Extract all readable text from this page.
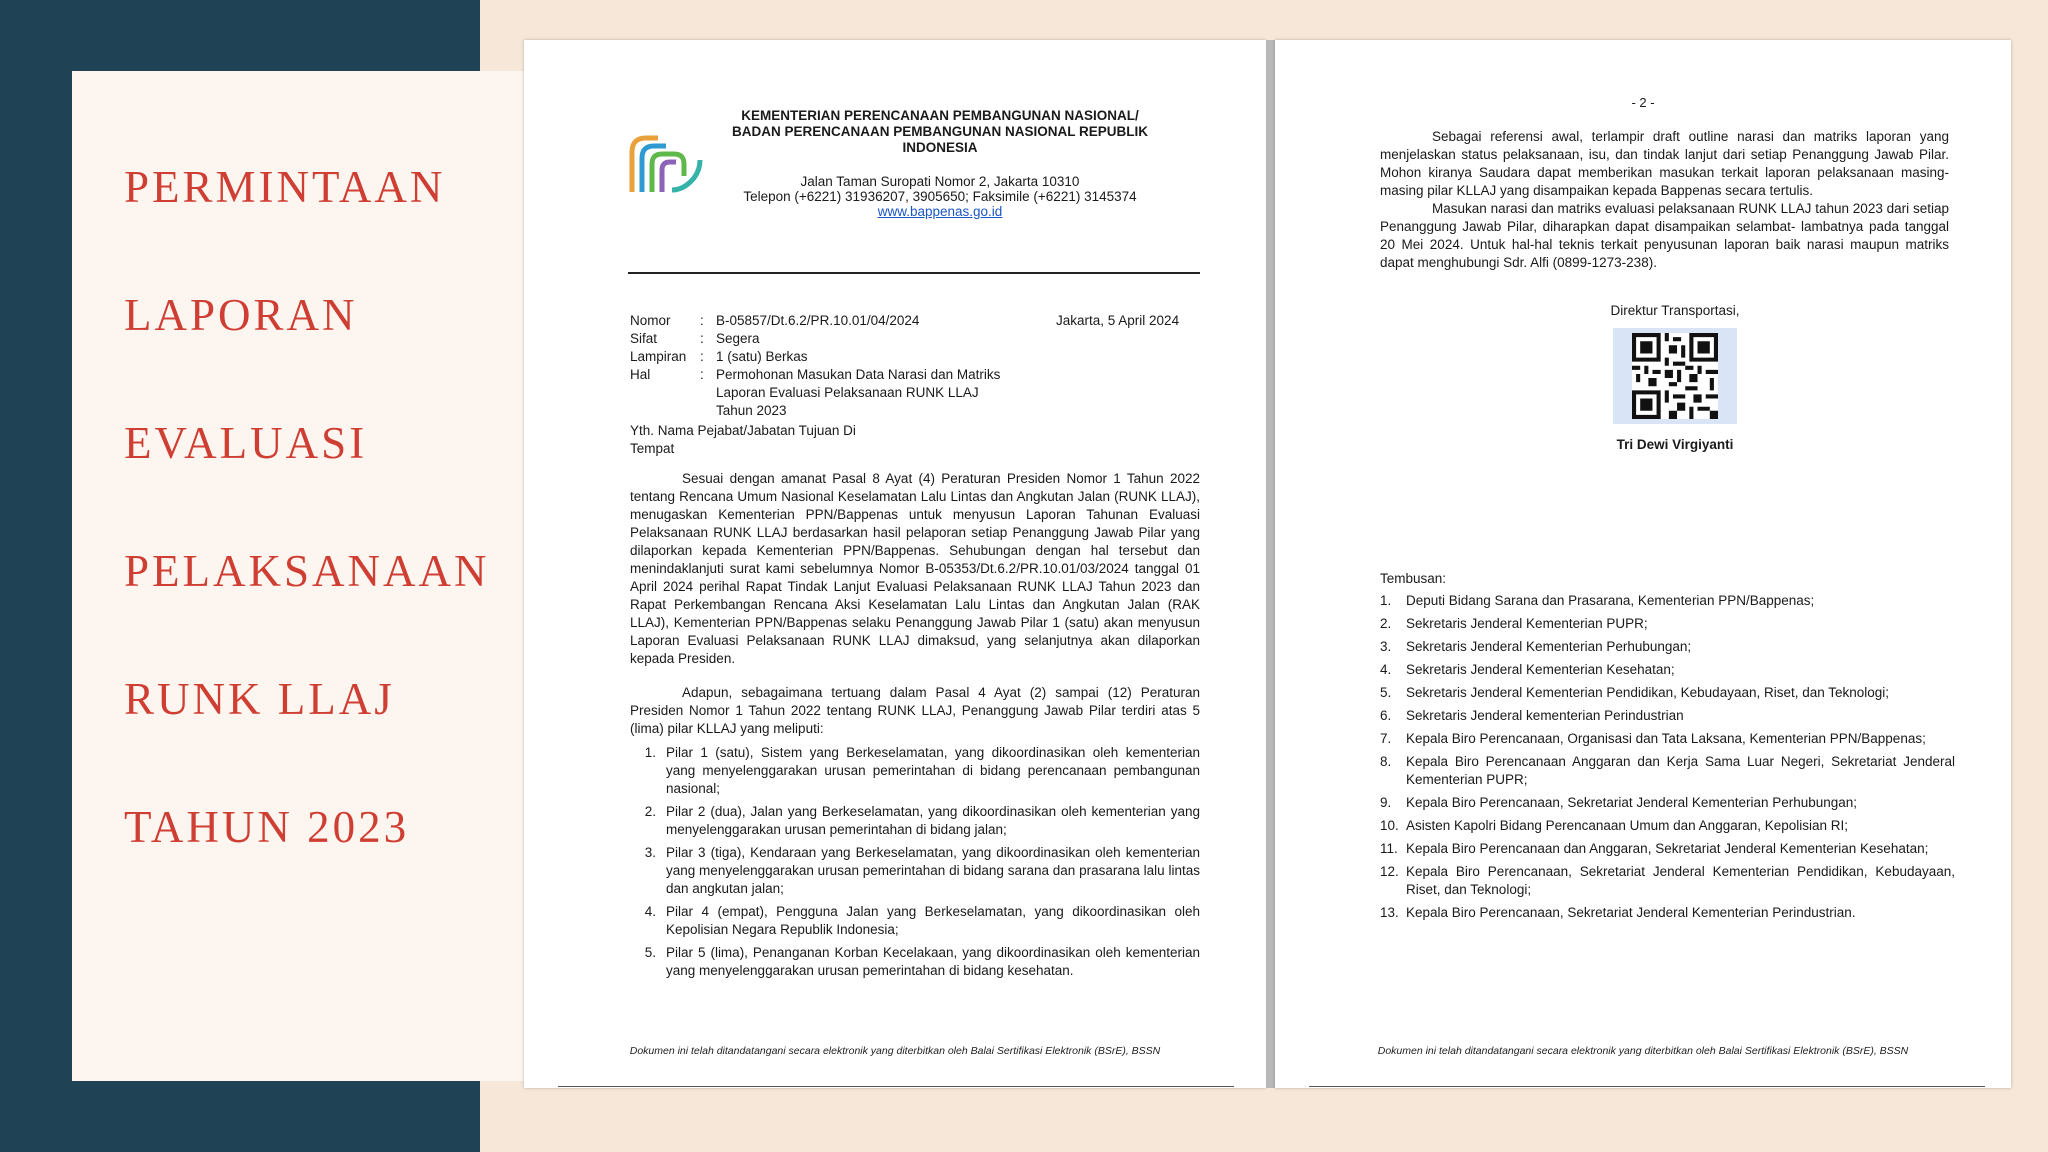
PERMINTAAN
LAPORAN
EVALUASI
PELAKSANAAN
RUNK LLAJ
TAHUN 2023
KEMENTERIAN PERENCANAAN PEMBANGUNAN NASIONAL/
BADAN PERENCANAAN PEMBANGUNAN NASIONAL REPUBLIK
INDONESIA
Jalan Taman Suropati Nomor 2, Jakarta 10310
Telepon (+6221) 31936207, 3905650; Faksimile (+6221) 3145374
www.bappenas.go.id
Jakarta, 5 April 2024
Nomor	: B-05857/Dt.6.2/PR.10.01/04/2024
Sifat	: Segera
Lampiran	: 1 (satu) Berkas
Hal	: Permohonan Masukan Data Narasi dan Matriks Laporan Evaluasi Pelaksanaan RUNK LLAJ Tahun 2023
Yth. Nama Pejabat/Jabatan Tujuan Di
Tempat

Sesuai dengan amanat Pasal 8 Ayat (4) Peraturan Presiden Nomor 1 Tahun 2022 tentang Rencana Umum Nasional Keselamatan Lalu Lintas dan Angkutan Jalan (RUNK LLAJ), menugaskan Kementerian PPN/Bappenas untuk menyusun Laporan Tahunan Evaluasi Pelaksanaan RUNK LLAJ berdasarkan hasil pelaporan setiap Penanggung Jawab Pilar yang dilaporkan kepada Kementerian PPN/Bappenas. Sehubungan dengan hal tersebut dan menindaklanjuti surat kami sebelumnya Nomor B-05353/Dt.6.2/PR.10.01/03/2024 tanggal 01 April 2024 perihal Rapat Tindak Lanjut Evaluasi Pelaksanaan RUNK LLAJ Tahun 2023 dan Rapat Perkembangan Rencana Aksi Keselamatan Lalu Lintas dan Angkutan Jalan (RAK LLAJ), Kementerian PPN/Bappenas selaku Penanggung Jawab Pilar 1 (satu) akan menyusun Laporan Evaluasi Pelaksanaan RUNK LLAJ dimaksud, yang selanjutnya akan dilaporkan kepada Presiden.

Adapun, sebagaimana tertuang dalam Pasal 4 Ayat (2) sampai (12) Peraturan Presiden Nomor 1 Tahun 2022 tentang RUNK LLAJ, Penanggung Jawab Pilar terdiri atas 5 (lima) pilar KLLAJ yang meliputi:

1. Pilar 1 (satu), Sistem yang Berkeselamatan, yang dikoordinasikan oleh kementerian yang menyelenggarakan urusan pemerintahan di bidang perencanaan pembangunan nasional;
2. Pilar 2 (dua), Jalan yang Berkeselamatan, yang dikoordinasikan oleh kementerian yang menyelenggarakan urusan pemerintahan di bidang jalan;
3. Pilar 3 (tiga), Kendaraan yang Berkeselamatan, yang dikoordinasikan oleh kementerian yang menyelenggarakan urusan pemerintahan di bidang sarana dan prasarana lalu lintas dan angkutan jalan;
4. Pilar 4 (empat), Pengguna Jalan yang Berkeselamatan, yang dikoordinasikan oleh Kepolisian Negara Republik Indonesia;
5. Pilar 5 (lima), Penanganan Korban Kecelakaan, yang dikoordinasikan oleh kementerian yang menyelenggarakan urusan pemerintahan di bidang kesehatan.
Dokumen ini telah ditandatangani secara elektronik yang diterbitkan oleh Balai Sertifikasi Elektronik (BSrE), BSSN
- 2 -

Sebagai referensi awal, terlampir draft outline narasi dan matriks laporan yang menjelaskan status pelaksanaan, isu, dan tindak lanjut dari setiap Penanggung Jawab Pilar. Mohon kiranya Saudara dapat memberikan masukan terkait laporan pelaksanaan masing-masing pilar KLLAJ yang disampaikan kepada Bappenas secara tertulis.

Masukan narasi dan matriks evaluasi pelaksanaan RUNK LLAJ tahun 2023 dari setiap Penanggung Jawab Pilar, diharapkan dapat disampaikan selambat- lambatnya pada tanggal 20 Mei 2024. Untuk hal-hal teknis terkait penyusunan laporan baik narasi maupun matriks dapat menghubungi Sdr. Alfi (0899-1273-238).

Direktur Transportasi,
Tri Dewi Virgiyanti
Tembusan:
1.	Deputi Bidang Sarana dan Prasarana, Kementerian PPN/Bappenas;
2.	Sekretaris Jenderal Kementerian PUPR;
3.	Sekretaris Jenderal Kementerian Perhubungan;
4.	Sekretaris Jenderal Kementerian Kesehatan;
5.	Sekretaris Jenderal Kementerian Pendidikan, Kebudayaan, Riset, dan Teknologi;
6.	Sekretaris Jenderal kementerian Perindustrian
7.	Kepala Biro Perencanaan, Organisasi dan Tata Laksana, Kementerian PPN/Bappenas;
8.	Kepala Biro Perencanaan Anggaran dan Kerja Sama Luar Negeri, Sekretariat Jenderal Kementerian PUPR;
9.	Kepala Biro Perencanaan, Sekretariat Jenderal Kementerian Perhubungan;
10. Asisten Kapolri Bidang Perencanaan Umum dan Anggaran, Kepolisian RI;
11. Kepala Biro Perencanaan dan Anggaran, Sekretariat Jenderal Kementerian Kesehatan;
12. Kepala Biro Perencanaan, Sekretariat Jenderal Kementerian Pendidikan, Kebudayaan, Riset, dan Teknologi;
13. Kepala Biro Perencanaan, Sekretariat Jenderal Kementerian Perindustrian.
Dokumen ini telah ditandatangani secara elektronik yang diterbitkan oleh Balai Sertifikasi Elektronik (BSrE), BSSN
